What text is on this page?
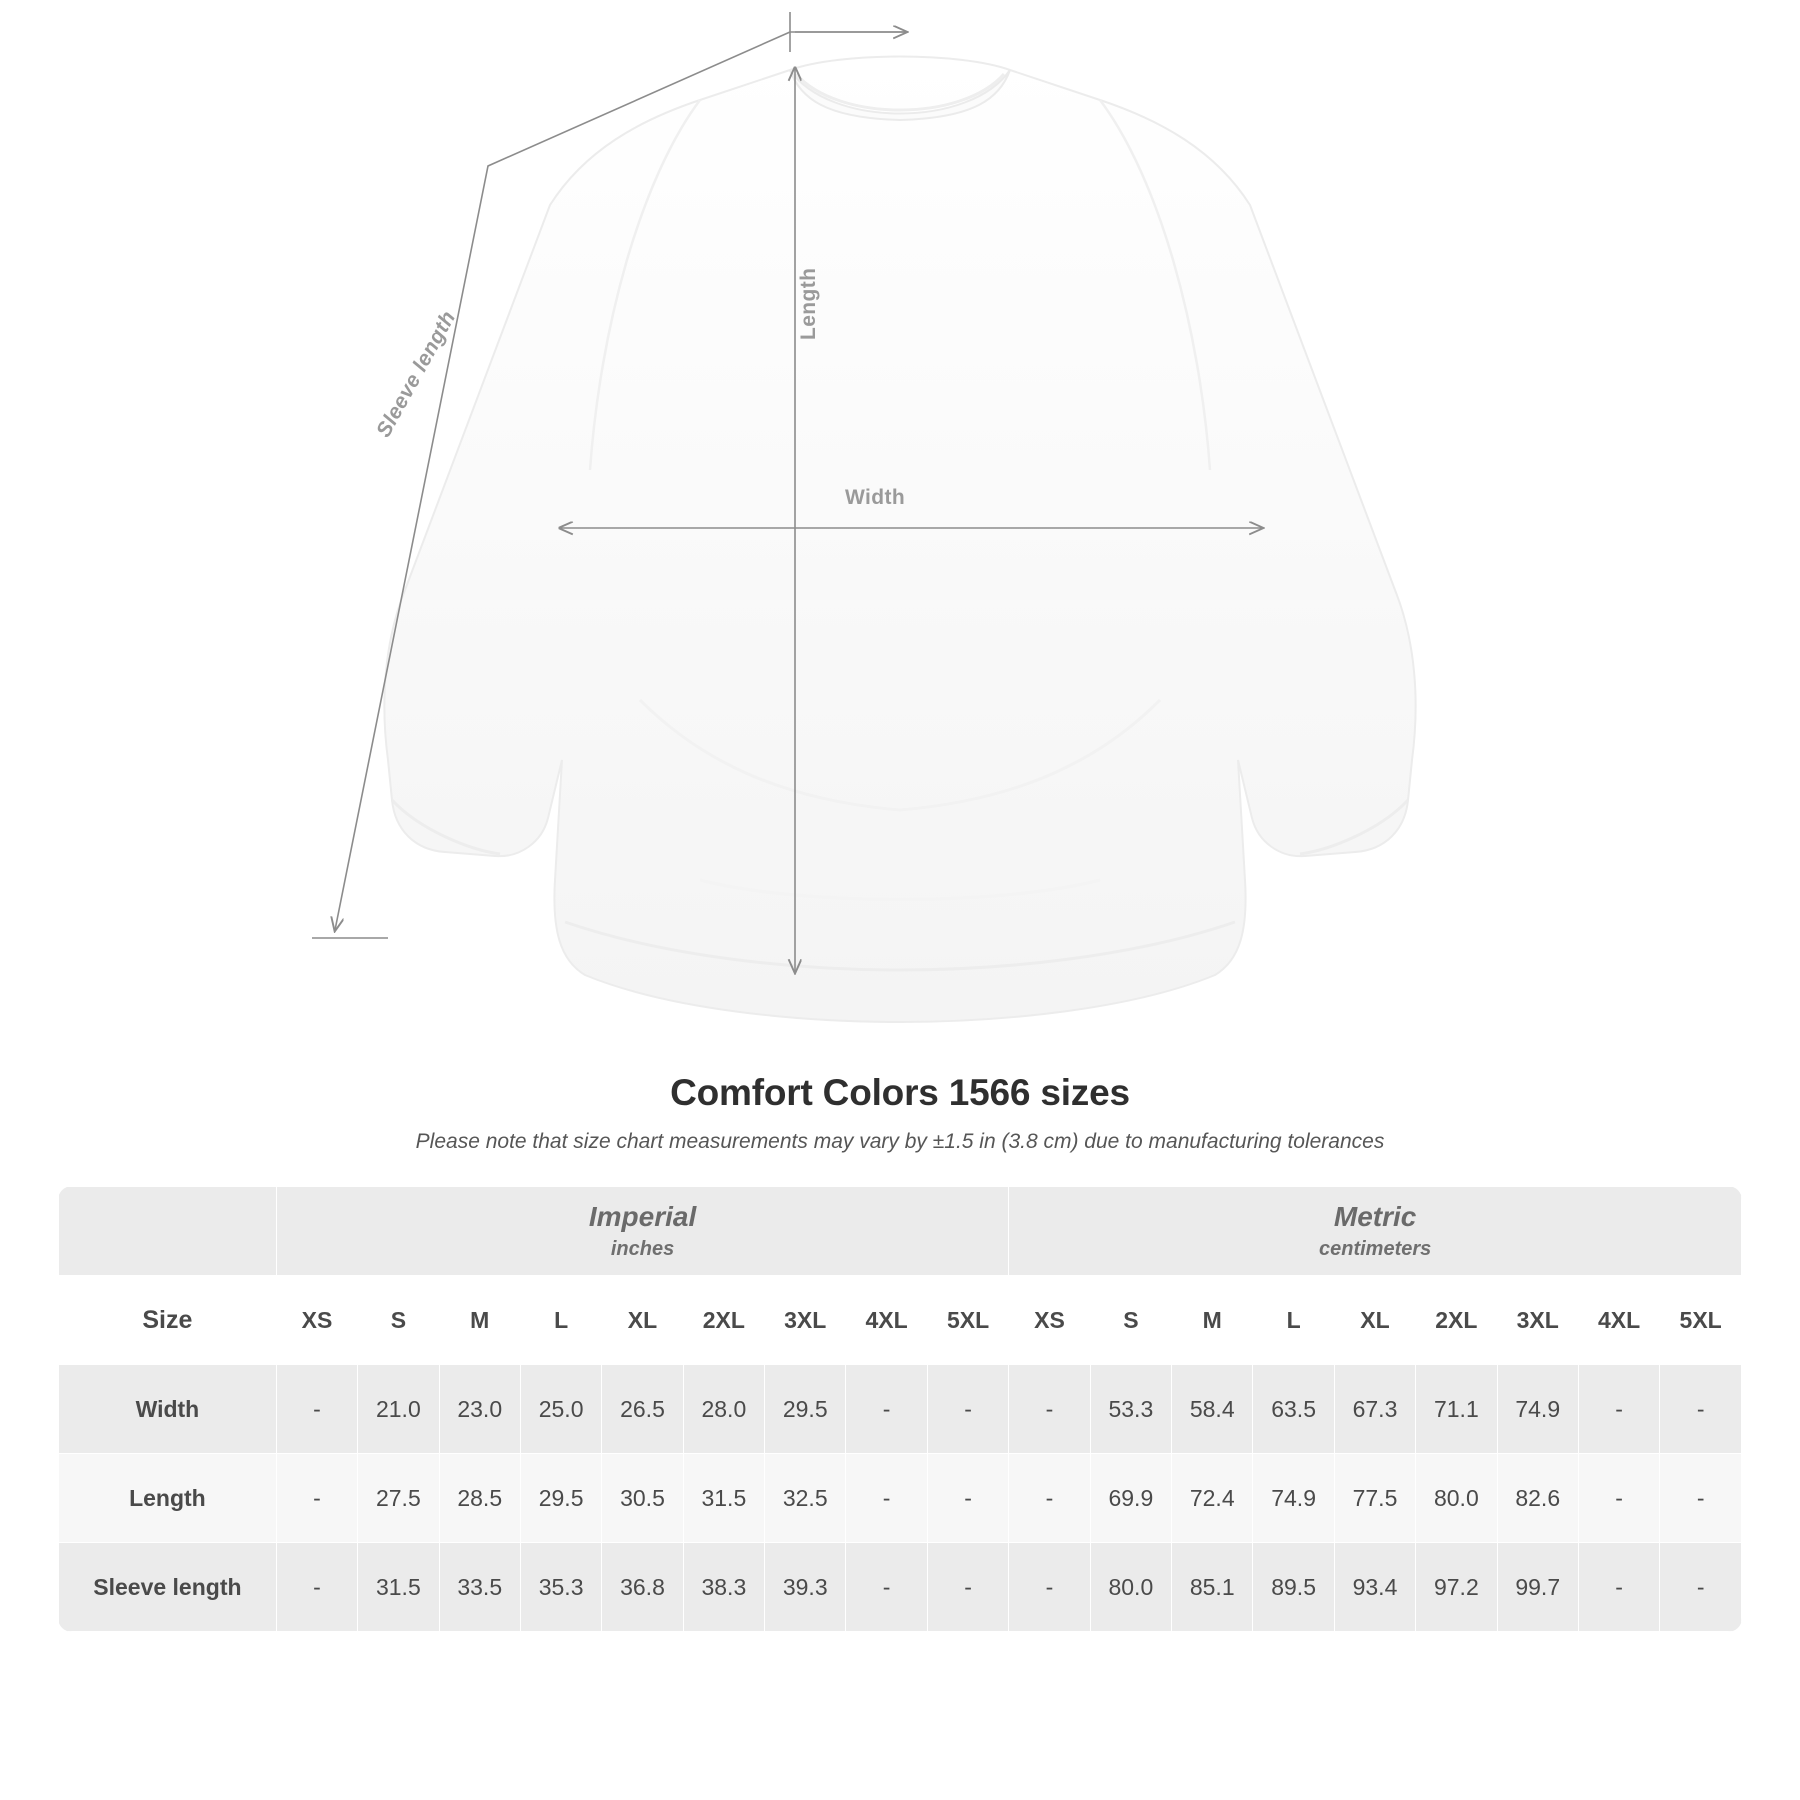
Width
Length
Sleeve length
Comfort Colors 1566 sizes
Please note that size chart measurements may vary by ±1.5 in (3.8 cm) due to manufacturing tolerances

	Imperial
inches									Metric
centimeters								

Size	XS	S	M	L	XL	2XL	3XL	4XL	5XL	XS	S	M	L	XL	2XL	3XL	4XL	5XL
Width	-	21.0	23.0	25.0	26.5	28.0	29.5	-	-	-	53.3	58.4	63.5	67.3	71.1	74.9	-	-
Length	-	27.5	28.5	29.5	30.5	31.5	32.5	-	-	-	69.9	72.4	74.9	77.5	80.0	82.6	-	-
Sleeve length	-	31.5	33.5	35.3	36.8	38.3	39.3	-	-	-	80.0	85.1	89.5	93.4	97.2	99.7	-	-
